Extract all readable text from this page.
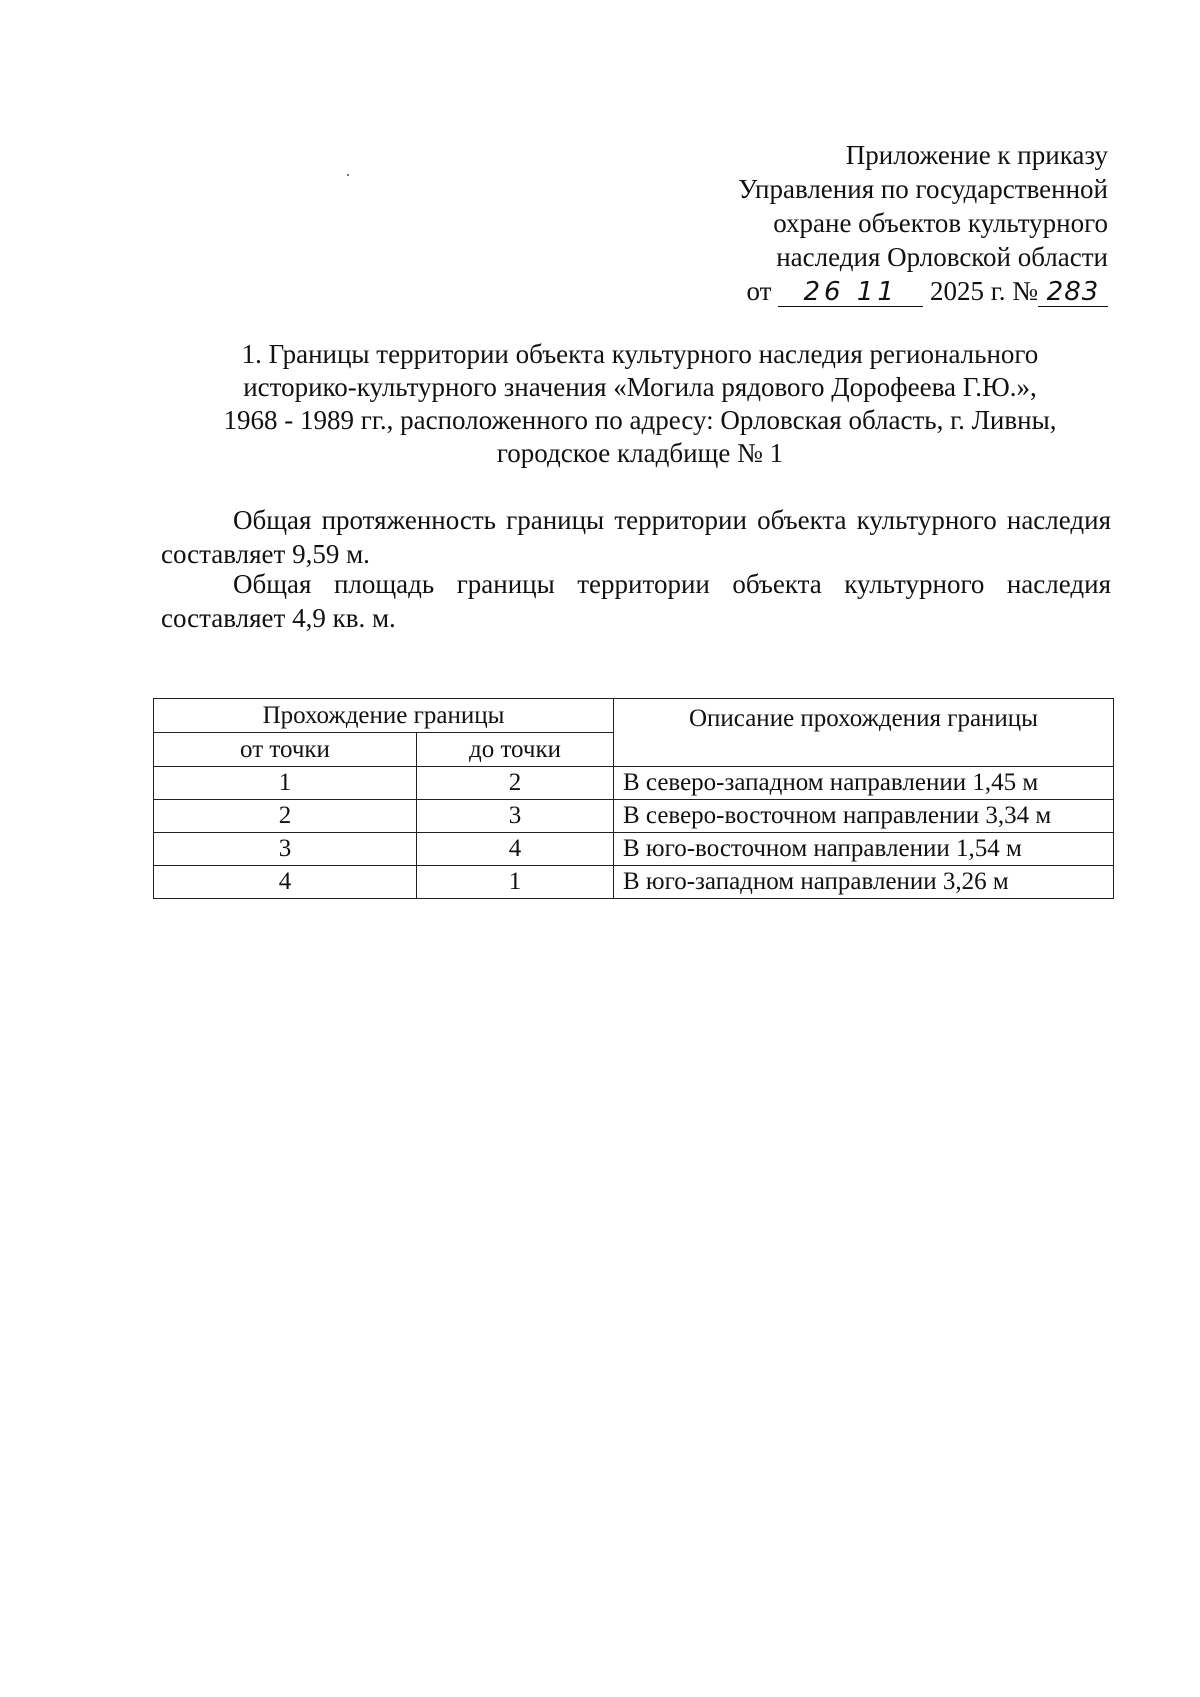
Приложение к приказу
Управления по государственной
охране объектов культурного
наследия Орловской области
от 26 11 2025 г. № 283
1. Границы территории объекта культурного наследия регионального
историко-культурного значения «Могила рядового Дорофеева Г.Ю.»,
1968 - 1989 гг., расположенного по адресу: Орловская область, г. Ливны,
городское кладбище № 1
Общая протяженность границы территории объекта культурного наследия составляет 9,59 м.
Общая площадь границы территории объекта культурного наследия составляет 4,9 кв. м.
Прохождение границы		Описание прохождения границы
от точки	до точки	
1	2	В северо-западном направлении 1,45 м
2	3	В северо-восточном направлении 3,34 м
3	4	В юго-восточном направлении 1,54 м
4	1	В юго-западном направлении 3,26 м
